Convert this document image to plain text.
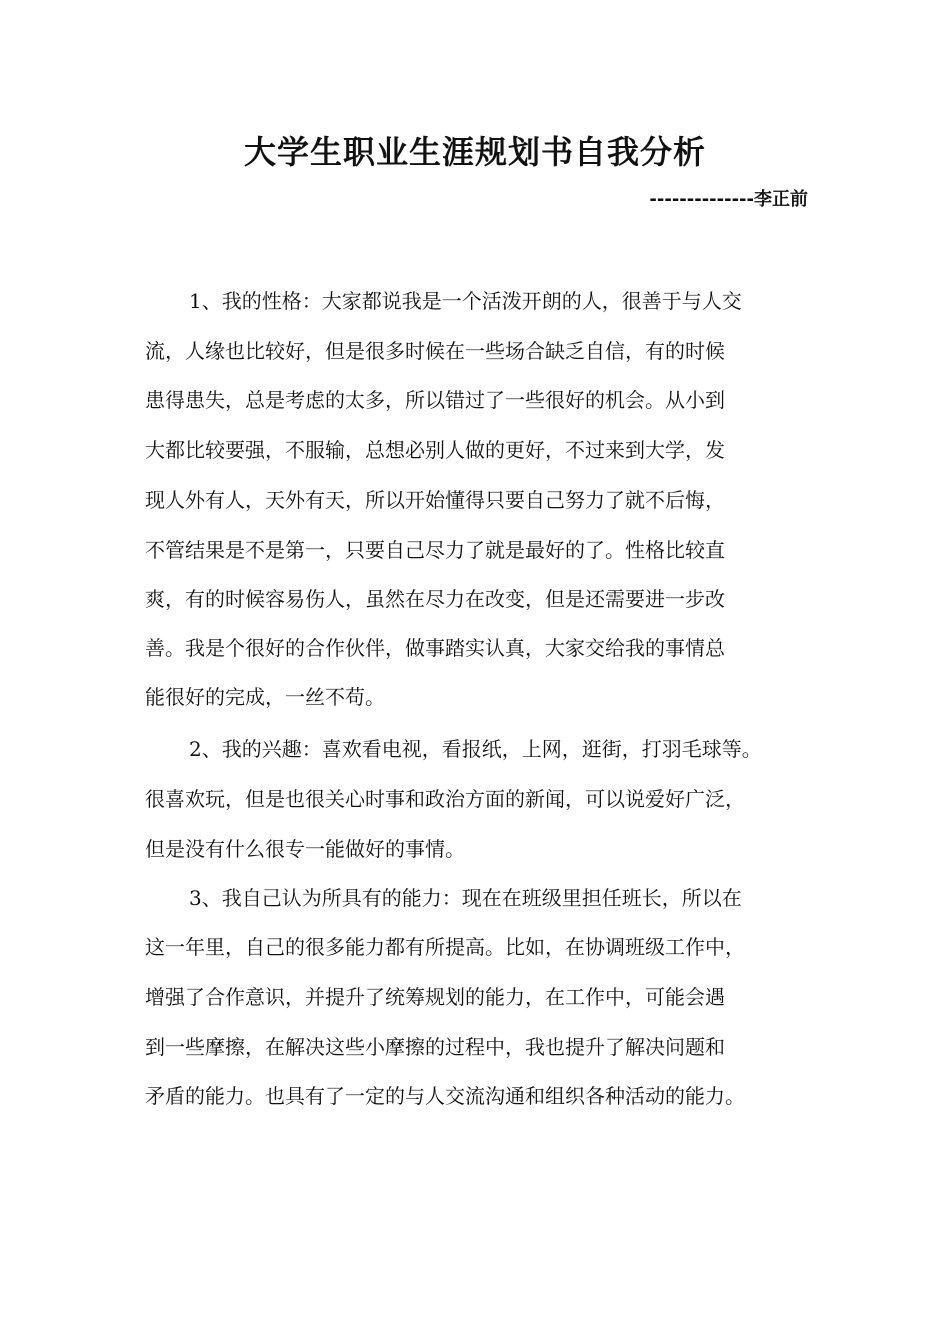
大学生职业生涯规划书自我分析

--------------李正前

1、我的性格：大家都说我是一个活泼开朗的人，很善于与人交

流，人缘也比较好，但是很多时候在一些场合缺乏自信，有的时候

患得患失，总是考虑的太多，所以错过了一些很好的机会。从小到

大都比较要强，不服输，总想必别人做的更好，不过来到大学，发

现人外有人，天外有天，所以开始懂得只要自己努力了就不后悔，

不管结果是不是第一，只要自己尽力了就是最好的了。性格比较直

爽，有的时候容易伤人，虽然在尽力在改变，但是还需要进一步改

善。我是个很好的合作伙伴，做事踏实认真，大家交给我的事情总

能很好的完成，一丝不苟。

2、我的兴趣：喜欢看电视，看报纸，上网，逛街，打羽毛球等。

很喜欢玩，但是也很关心时事和政治方面的新闻，可以说爱好广泛，

但是没有什么很专一能做好的事情。

3、我自己认为所具有的能力：现在在班级里担任班长，所以在

这一年里，自己的很多能力都有所提高。比如，在协调班级工作中，

增强了合作意识，并提升了统筹规划的能力，在工作中，可能会遇

到一些摩擦，在解决这些小摩擦的过程中，我也提升了解决问题和

矛盾的能力。也具有了一定的与人交流沟通和组织各种活动的能力。
